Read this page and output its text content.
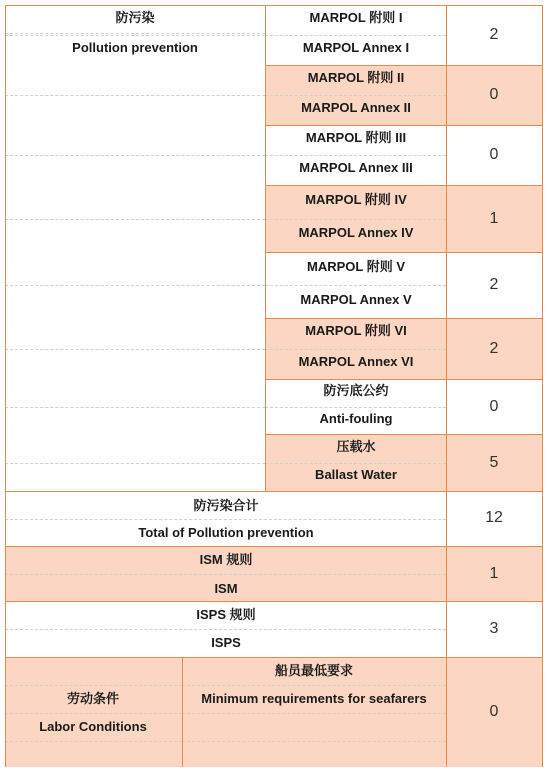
防污染
Pollution prevention
MARPOL 附则 I
MARPOL Annex I
2
MARPOL 附则 II
MARPOL Annex II
0
MARPOL 附则 III
MARPOL Annex III
0
MARPOL 附则 IV
MARPOL Annex IV
1
MARPOL 附则 V
MARPOL Annex V
2
MARPOL 附则 VI
MARPOL Annex VI
2
防污底公约
Anti-fouling
0
压载水
Ballast Water
5
防污染合计
Total of Pollution prevention
12
ISM 规则
ISM
1
ISPS 规则
ISPS
3
劳动条件
Labor Conditions
船员最低要求
Minimum requirements for seafarers
0
